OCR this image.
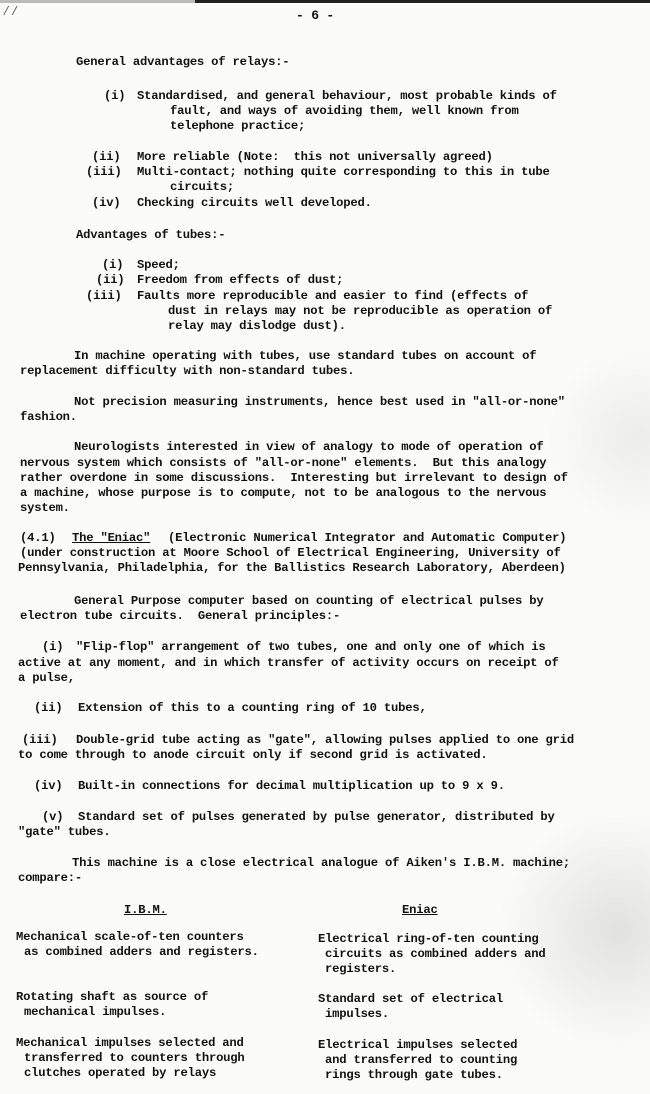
⁄⁄	- 6 -
General advantages of relays:-
(i) Standardised, and general behaviour, most probable kinds of
fault, and ways of avoiding them, well known from
telephone practice;
(ii) More reliable (Note:  this not universally agreed)
(iii) Multi-contact; nothing quite corresponding to this in tube
circuits;
(iv) Checking circuits well developed.
Advantages of tubes:-
(i) Speed;
(ii) Freedom from effects of dust;
(iii) Faults more reproducible and easier to find (effects of
dust in relays may not be reproducible as operation of
relay may dislodge dust).
In machine operating with tubes, use standard tubes on account of
replacement difficulty with non-standard tubes.
Not precision measuring instruments, hence best used in "all-or-none"
fashion.
Neurologists interested in view of analogy to mode of operation of
nervous system which consists of "all-or-none" elements.  But this analogy
rather overdone in some discussions.  Interesting but irrelevant to design of
a machine, whose purpose is to compute, not to be analogous to the nervous
system.
(4.1) The "Eniac" (Electronic Numerical Integrator and Automatic Computer)
(under construction at Moore School of Electrical Engineering, University of
Pennsylvania, Philadelphia, for the Ballistics Research Laboratory, Aberdeen)
General Purpose computer based on counting of electrical pulses by
electron tube circuits.  General principles:-
(i) "Flip-flop" arrangement of two tubes, one and only one of which is
active at any moment, and in which transfer of activity occurs on receipt of
a pulse,
(ii) Extension of this to a counting ring of 10 tubes,
(iii) Double-grid tube acting as "gate", allowing pulses applied to one grid
to come through to anode circuit only if second grid is activated.
(iv) Built-in connections for decimal multiplication up to 9 x 9.
(v) Standard set of pulses generated by pulse generator, distributed by
"gate" tubes.
This machine is a close electrical analogue of Aiken's I.B.M. machine;
compare:-
I.B.M.	Eniac
Mechanical scale-of-ten counters
as combined adders and registers.
Electrical ring-of-ten counting
circuits as combined adders and
registers.
Rotating shaft as source of
mechanical impulses.
Standard set of electrical
impulses.
Mechanical impulses selected and
transferred to counters through
clutches operated by relays
Electrical impulses selected
and transferred to counting
rings through gate tubes.
